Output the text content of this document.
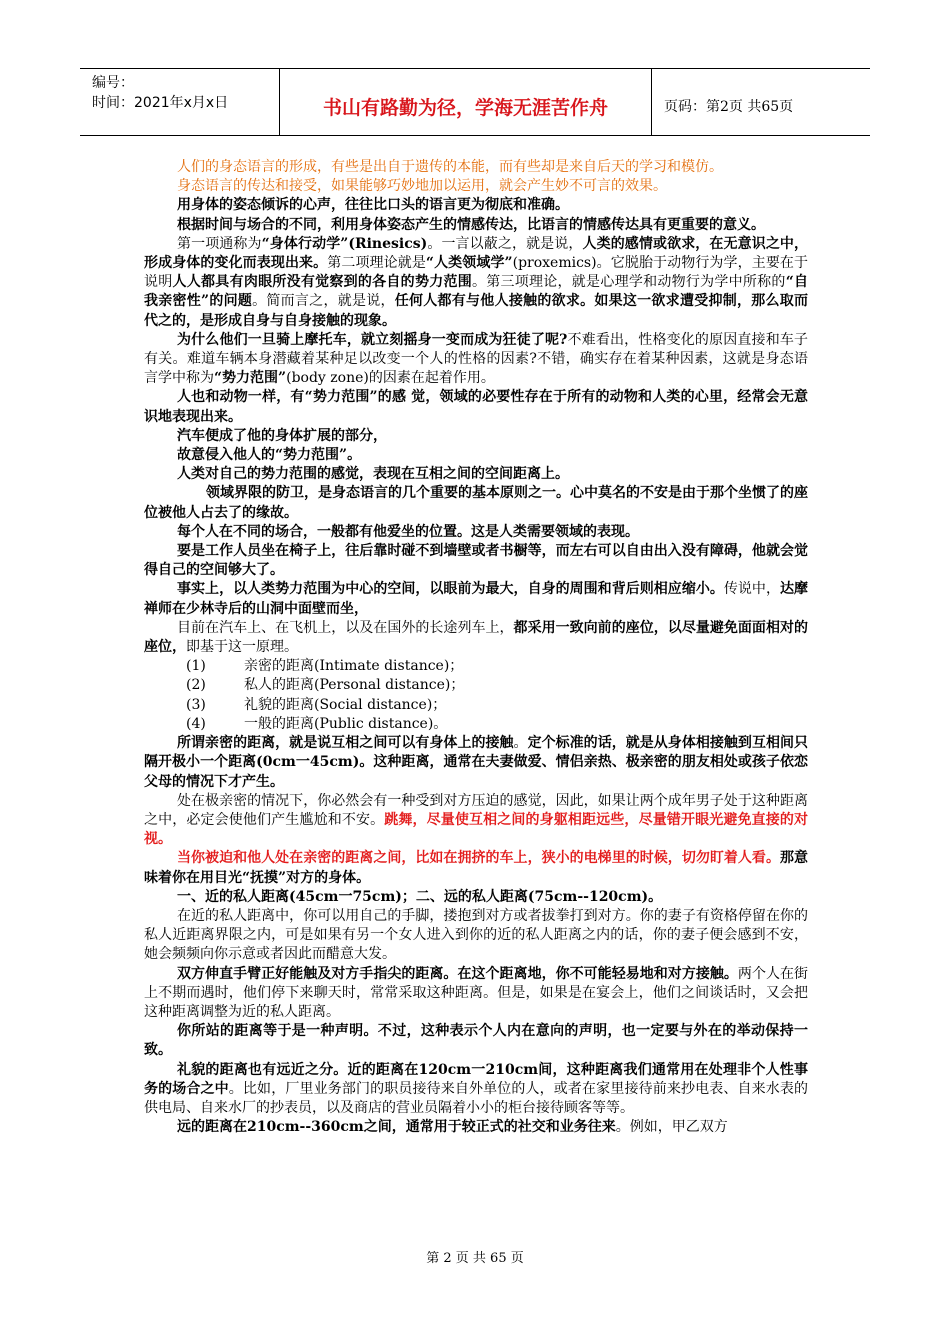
编号：
时间：2021年x月x日	书山有路勤为径，学海无涯苦作舟	页码：第2页 共65页

人们的身态语言的形成，有些是出自于遗传的本能，而有些却是来自后天的学习和模仿。

身态语言的传达和接受，如果能够巧妙地加以运用，就会产生妙不可言的效果。

用身体的姿态倾诉的心声，往往比口头的语言更为彻底和准确。

根据时间与场合的不同，利用身体姿态产生的情感传达，比语言的情感传达具有更重要的意义。

第一项通称为“身体行动学”(Rinesics)。一言以蔽之，就是说，人类的感情或欲求，在无意识之中，形成身体的变化而表现出来。第二项理论就是“人类领域学”(proxemics)。它脱胎于动物行为学，主要在于说明人人都具有肉眼所没有觉察到的各自的势力范围。第三项理论，就是心理学和动物行为学中所称的“自我亲密性”的问题。简而言之，就是说，任何人都有与他人接触的欲求。如果这一欲求遭受抑制，那么取而代之的，是形成自身与自身接触的现象。

为什么他们一旦骑上摩托车，就立刻摇身一变而成为狂徒了呢?不难看出，性格变化的原因直接和车子有关。难道车辆本身潜藏着某种足以改变一个人的性格的因素?不错，确实存在着某种因素，这就是身态语言学中称为“势力范围”(body zone)的因素在起着作用。

人也和动物一样，有“势力范围”的感 觉，领域的必要性存在于所有的动物和人类的心里，经常会无意识地表现出来。

汽车便成了他的身体扩展的部分，

故意侵入他人的“势力范围”。

人类对自己的势力范围的感觉，表现在互相之间的空间距离上。

领域界限的防卫，是身态语言的几个重要的基本原则之一。心中莫名的不安是由于那个坐惯了的座位被他人占去了的缘故。

每个人在不同的场合，一般都有他爱坐的位置。这是人类需要领域的表现。

要是工作人员坐在椅子上，往后靠时碰不到墙壁或者书橱等，而左右可以自由出入没有障碍，他就会觉得自己的空间够大了。

事实上，以人类势力范围为中心的空间，以眼前为最大，自身的周围和背后则相应缩小。传说中，达摩禅师在少林寺后的山洞中面壁而坐，

目前在汽车上、在飞机上，以及在国外的长途列车上，都采用一致向前的座位，以尽量避免面面相对的座位，即基于这一原理。

(1)	亲密的距离(Intimate distance)；
(2)	私人的距离(Personal distance)；
(3)	礼貌的距离(Social distance)；
(4)	一般的距离(Public distance)。

所谓亲密的距离，就是说互相之间可以有身体上的接触。定个标准的话，就是从身体相接触到互相间只隔开极小一个距离(0cm一45cm)。这种距离，通常在夫妻做爱、情侣亲热、极亲密的朋友相处或孩子依恋父母的情况下才产生。

处在极亲密的情况下，你必然会有一种受到对方压迫的感觉，因此，如果让两个成年男子处于这种距离之中，必定会使他们产生尴尬和不安。跳舞，尽量使互相之间的身躯相距远些，尽量错开眼光避免直接的对视。

当你被迫和他人处在亲密的距离之间，比如在拥挤的车上，狭小的电梯里的时候，切勿盯着人看。那意味着你在用目光“抚摸”对方的身体。

一、近的私人距离(45cm一75cm)；二、远的私人距离(75cm--120cm)。

在近的私人距离中，你可以用自己的手脚，搂抱到对方或者拔拳打到对方。你的妻子有资格停留在你的私人近距离界限之内，可是如果有另一个女人进入到你的近的私人距离之内的话，你的妻子便会感到不安，她会频频向你示意或者因此而醋意大发。

双方伸直手臂正好能触及对方手指尖的距离。在这个距离地，你不可能轻易地和对方接触。两个人在街上不期而遇时，他们停下来聊天时，常常采取这种距离。但是，如果是在宴会上，他们之间谈话时，又会把这种距离调整为近的私人距离。

你所站的距离等于是一种声明。不过，这种表示个人内在意向的声明，也一定要与外在的举动保持一致。

礼貌的距离也有远近之分。近的距离在120cm一210cm间，这种距离我们通常用在处理非个人性事务的场合之中。比如，厂里业务部门的职员接待来自外单位的人，或者在家里接待前来抄电表、自来水表的供电局、自来水厂的抄表员，以及商店的营业员隔着小小的柜台接待顾客等等。

远的距离在210cm--360cm之间，通常用于较正式的社交和业务往来。例如，甲乙双方

第 2 页 共 65 页
